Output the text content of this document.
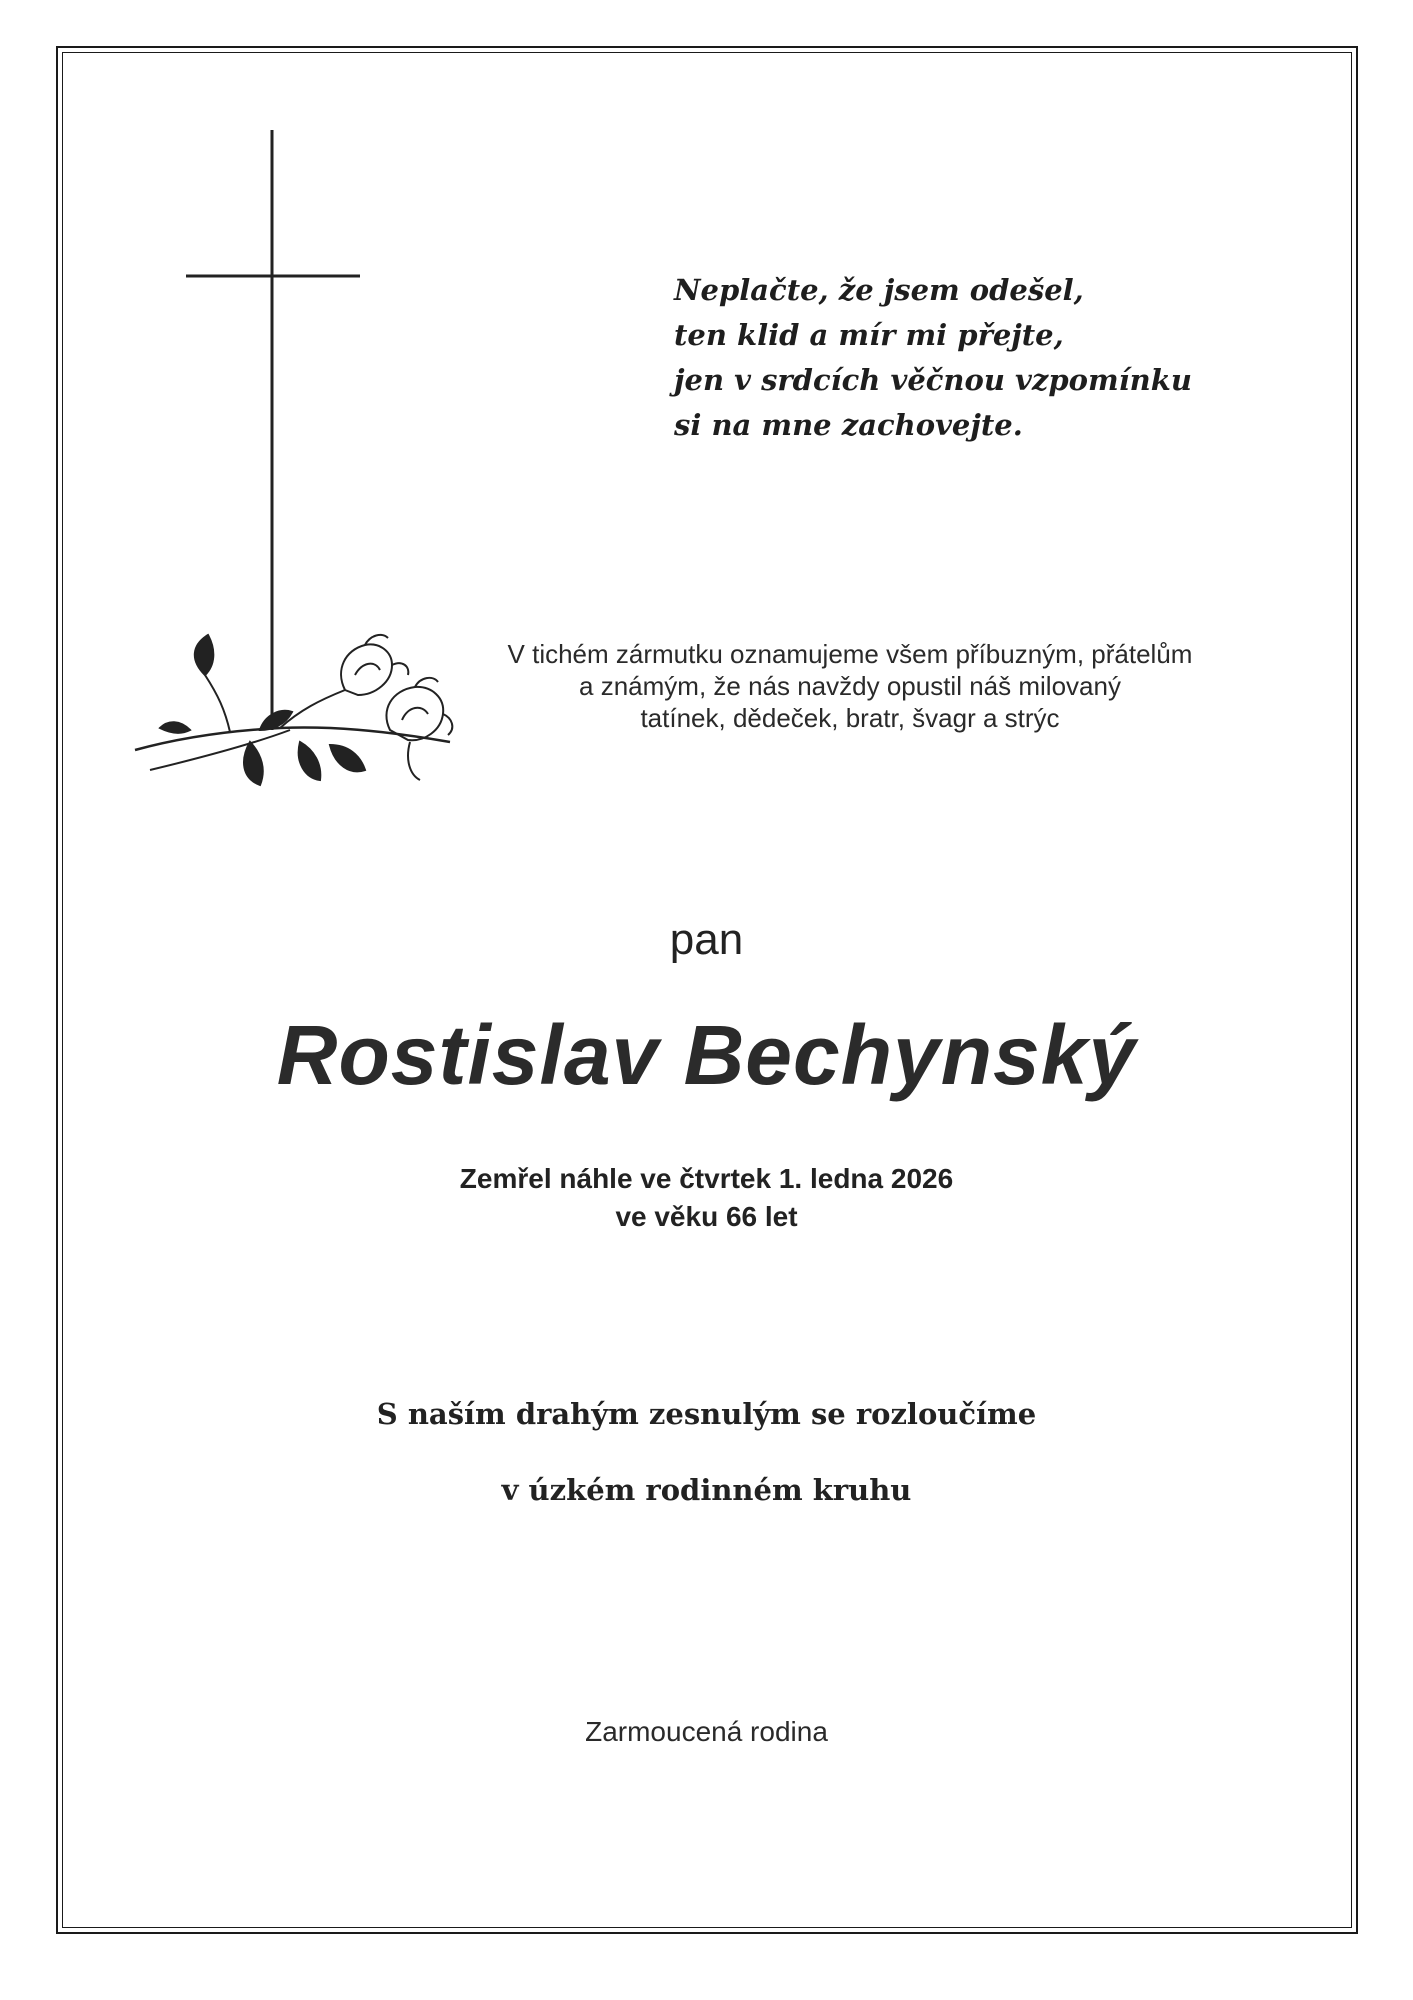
Neplačte, že jsem odešel,
ten klid a mír mi přejte,
jen v srdcích věčnou vzpomínku
si na mne zachovejte.
V tichém zármutku oznamujeme všem příbuzným, přátelům
a známým, že nás navždy opustil náš milovaný
tatínek, dědeček, bratr, švagr a strýc
pan
Rostislav Bechynský
Zemřel náhle ve čtvrtek 1. ledna 2026
ve věku 66 let
S naším drahým zesnulým se rozloučíme
v úzkém rodinném kruhu
Zarmoucená rodina
